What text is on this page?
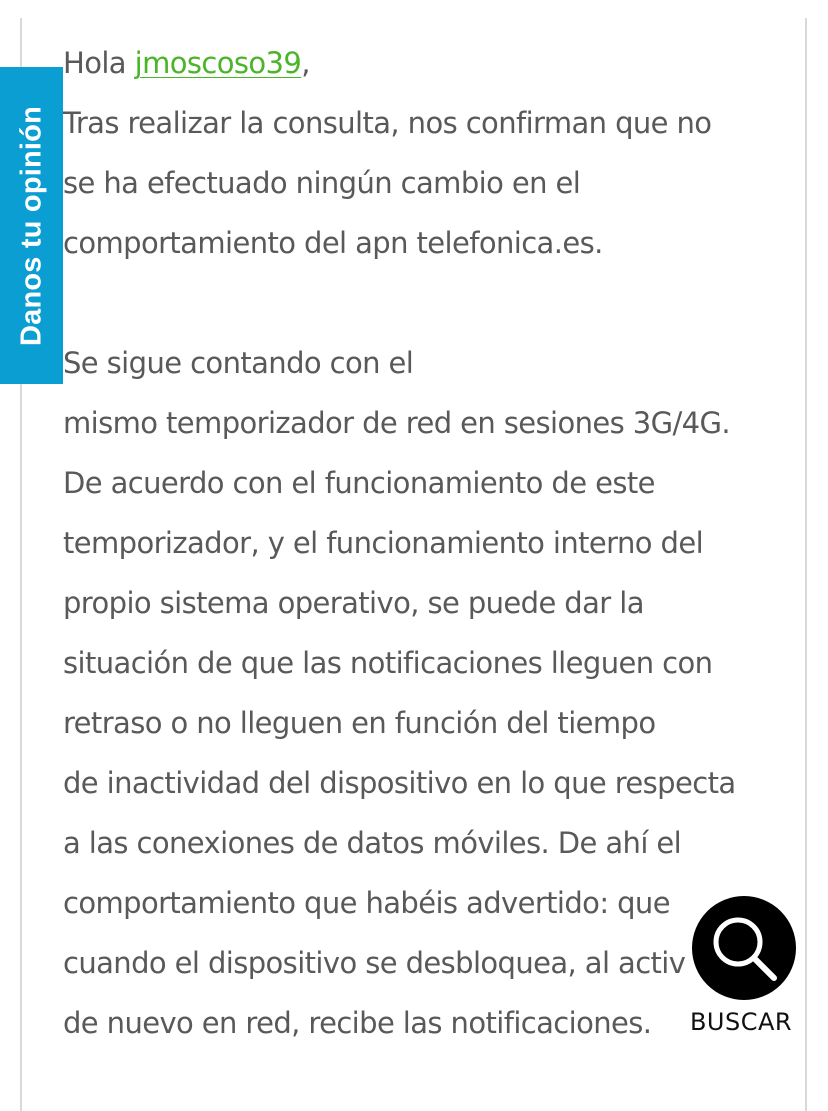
Hola jmoscoso39,
Tras realizar la consulta, nos confirman que no
se ha efectuado ningún cambio en el
comportamiento del apn telefonica.es.
Se sigue contando con el
mismo temporizador de red en sesiones 3G/4G.
De acuerdo con el funcionamiento de este
temporizador, y el funcionamiento interno del
propio sistema operativo, se puede dar la
situación de que las notificaciones lleguen con
retraso o no lleguen en función del tiempo
de inactividad del dispositivo en lo que respecta
a las conexiones de datos móviles. De ahí el
comportamiento que habéis advertido: que
cuando el dispositivo se desbloquea, al activ
de nuevo en red, recibe las notificaciones.
Danos tu opinión
BUSCAR
